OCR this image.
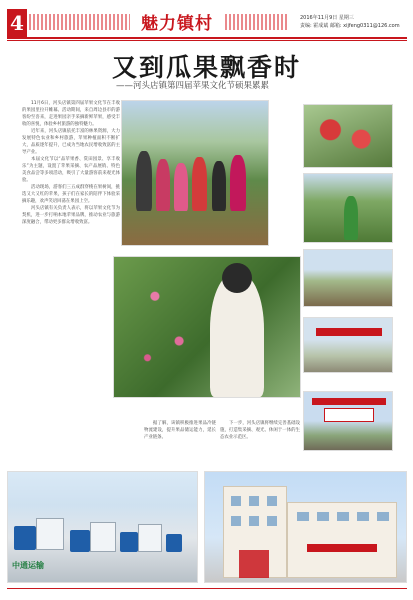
4	魅力镇村	2016年11月9日 星期三
责编: 霍成斌 邮箱: xijfeng0311@126.com
又到瓜果飘香时
——河头店镇第四届苹果文化节硕果累累

11月6日，河头店镇第四届苹果文化节在丰收的果园里拉开帷幕。活动期间，来自周边县市的游客纷至沓来，走进果园亲手采摘新鲜苹果，感受丰收的喜悦，体验乡村旅游的独特魅力。

近年来，河头店镇依托丰富的林果资源，大力发展特色农业和乡村旅游，苹果种植面积不断扩大，品质逐年提升，已成为当地农民增收致富的主导产业。

本届文化节以“品苹果香、赏田园景、享丰收乐”为主题，设置了苹果采摘、农产品展销、特色美食品尝等多项活动，吸引了大量游客前来观光体验。

活动现场，游客们三五成群穿梭在果树间，挑选又大又红的苹果，孩子们在家长的陪伴下体验采摘乐趣，欢声笑语回荡在果园上空。

河头店镇有关负责人表示，将以苹果文化节为契机，进一步打响本地苹果品牌，推动农业与旅游深度融合，带动更多群众增收致富。

据了解，该镇积极推进果品冷链物流建设，提升果品储运能力，延长产业链条。

下一步，河头店镇将继续完善基础设施，打造集采摘、观光、休闲于一体的生态农业示范区。

中通运输
